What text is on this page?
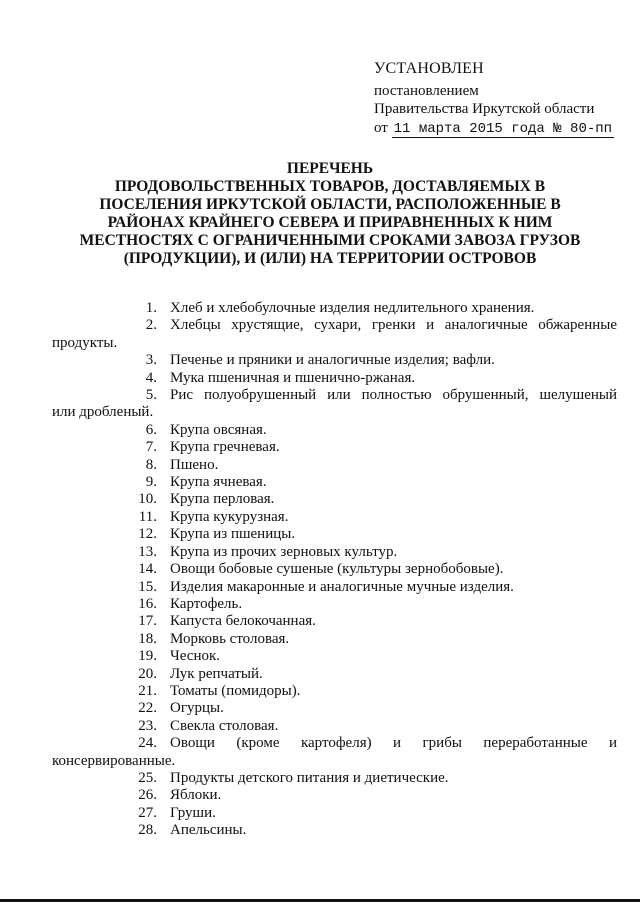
УСТАНОВЛЕН
постановлением
Правительства Иркутской области
от 11 марта 2015 года № 80-пп
ПЕРЕЧЕНЬ
ПРОДОВОЛЬСТВЕННЫХ ТОВАРОВ, ДОСТАВЛЯЕМЫХ В
ПОСЕЛЕНИЯ ИРКУТСКОЙ ОБЛАСТИ, РАСПОЛОЖЕННЫЕ В
РАЙОНАХ КРАЙНЕГО СЕВЕРА И ПРИРАВНЕННЫХ К НИМ
МЕСТНОСТЯХ С ОГРАНИЧЕННЫМИ СРОКАМИ ЗАВОЗА ГРУЗОВ
(ПРОДУКЦИИ), И (ИЛИ) НА ТЕРРИТОРИИ ОСТРОВОВ
1. Хлеб и хлебобулочные изделия недлительного хранения.
2. Хлебцы хрустящие, сухари, гренки и аналогичные обжаренные
продукты.
3. Печенье и пряники и аналогичные изделия; вафли.
4. Мука пшеничная и пшенично-ржаная.
5. Рис полуобрушенный или полностью обрушенный, шелушеный
или дробленый.
6. Крупа овсяная.
7. Крупа гречневая.
8. Пшено.
9. Крупа ячневая.
10. Крупа перловая.
11. Крупа кукурузная.
12. Крупа из пшеницы.
13. Крупа из прочих зерновых культур.
14. Овощи бобовые сушеные (культуры зернобобовые).
15. Изделия макаронные и аналогичные мучные изделия.
16. Картофель.
17. Капуста белокочанная.
18. Морковь столовая.
19. Чеснок.
20. Лук репчатый.
21. Томаты (помидоры).
22. Огурцы.
23. Свекла столовая.
24. Овощи (кроме картофеля) и грибы переработанные и
консервированные.
25. Продукты детского питания и диетические.
26. Яблоки.
27. Груши.
28. Апельсины.
